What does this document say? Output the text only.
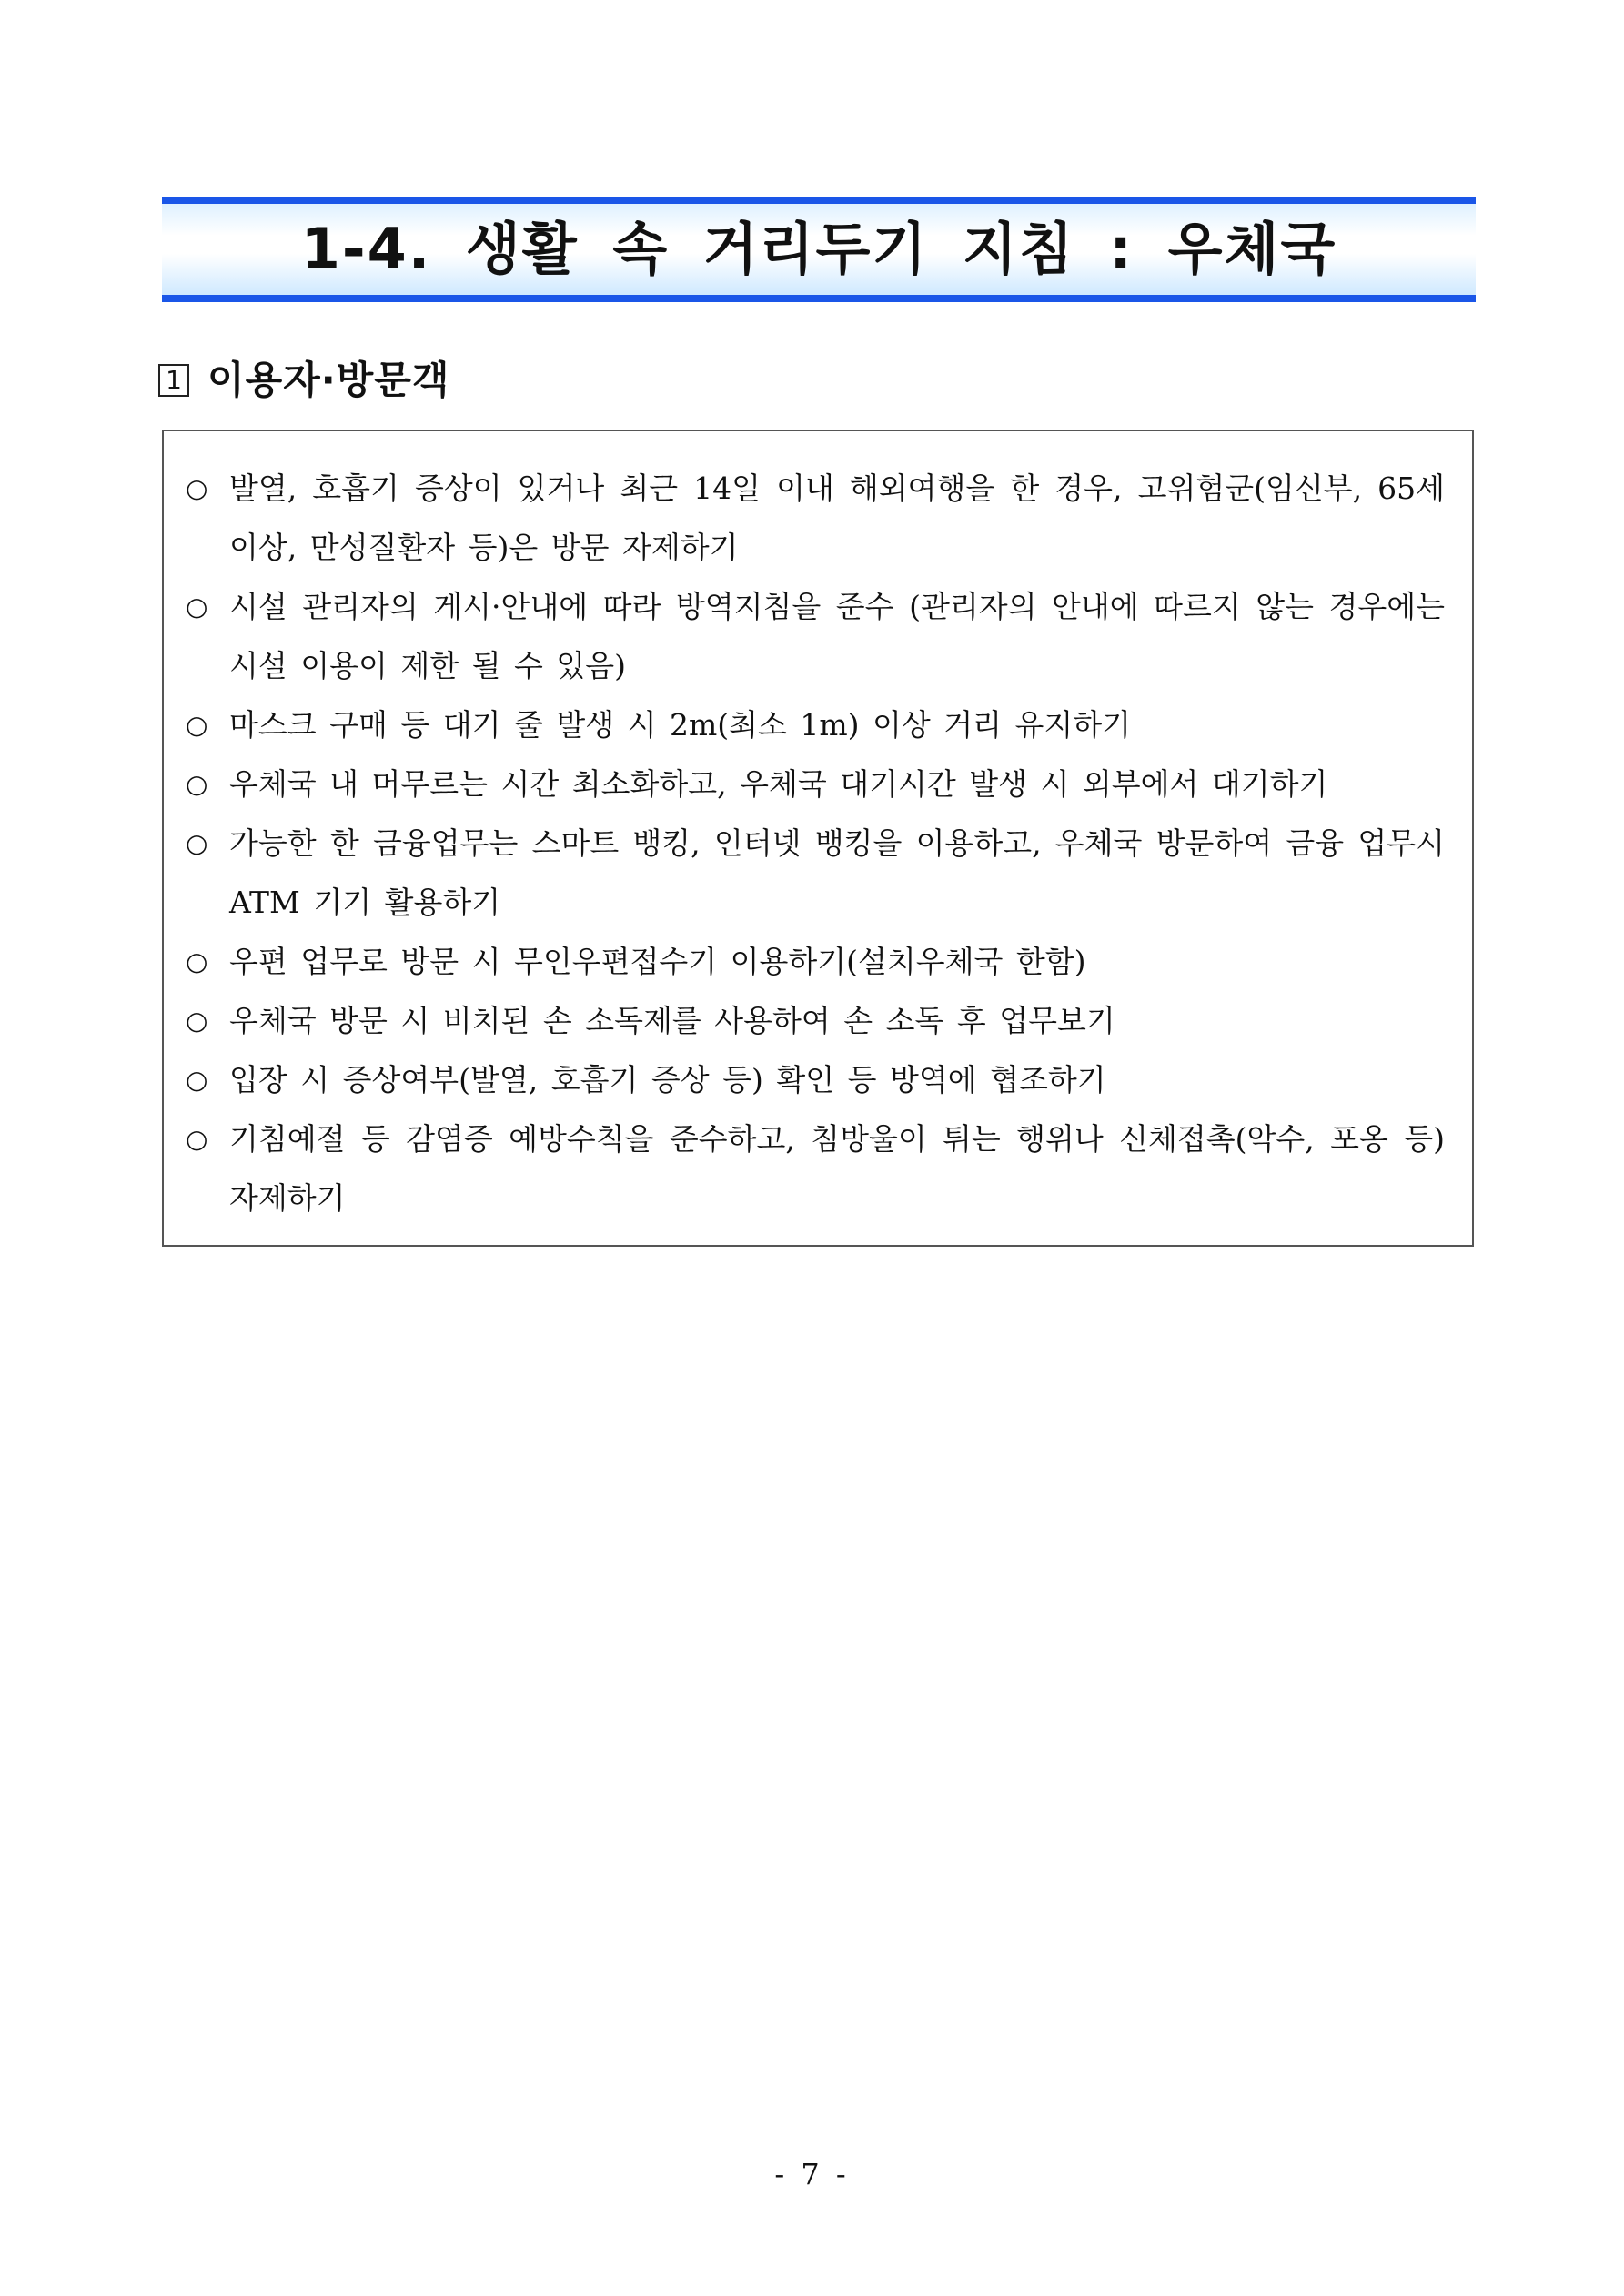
1-4. 생활 속 거리두기 지침 : 우체국
1 이용자·방문객
○ 발열, 호흡기 증상이 있거나 최근 14일 이내 해외여행을 한 경우, 고위험군(임신부, 65세 이상, 만성질환자 등)은 방문 자제하기
○ 시설 관리자의 게시·안내에 따라 방역지침을 준수 (관리자의 안내에 따르지 않는 경우에는 시설 이용이 제한 될 수 있음)
○ 마스크 구매 등 대기 줄 발생 시 2m(최소 1m) 이상 거리 유지하기
○ 우체국 내 머무르는 시간 최소화하고, 우체국 대기시간 발생 시 외부에서 대기하기
○ 가능한 한 금융업무는 스마트 뱅킹, 인터넷 뱅킹을 이용하고, 우체국 방문하여 금융 업무시 ATM 기기 활용하기
○ 우편 업무로 방문 시 무인우편접수기 이용하기(설치우체국 한함)
○ 우체국 방문 시 비치된 손 소독제를 사용하여 손 소독 후 업무보기
○ 입장 시 증상여부(발열, 호흡기 증상 등) 확인 등 방역에 협조하기
○ 기침예절 등 감염증 예방수칙을 준수하고, 침방울이 튀는 행위나 신체접촉(악수, 포옹 등) 자제하기
- 7 -
